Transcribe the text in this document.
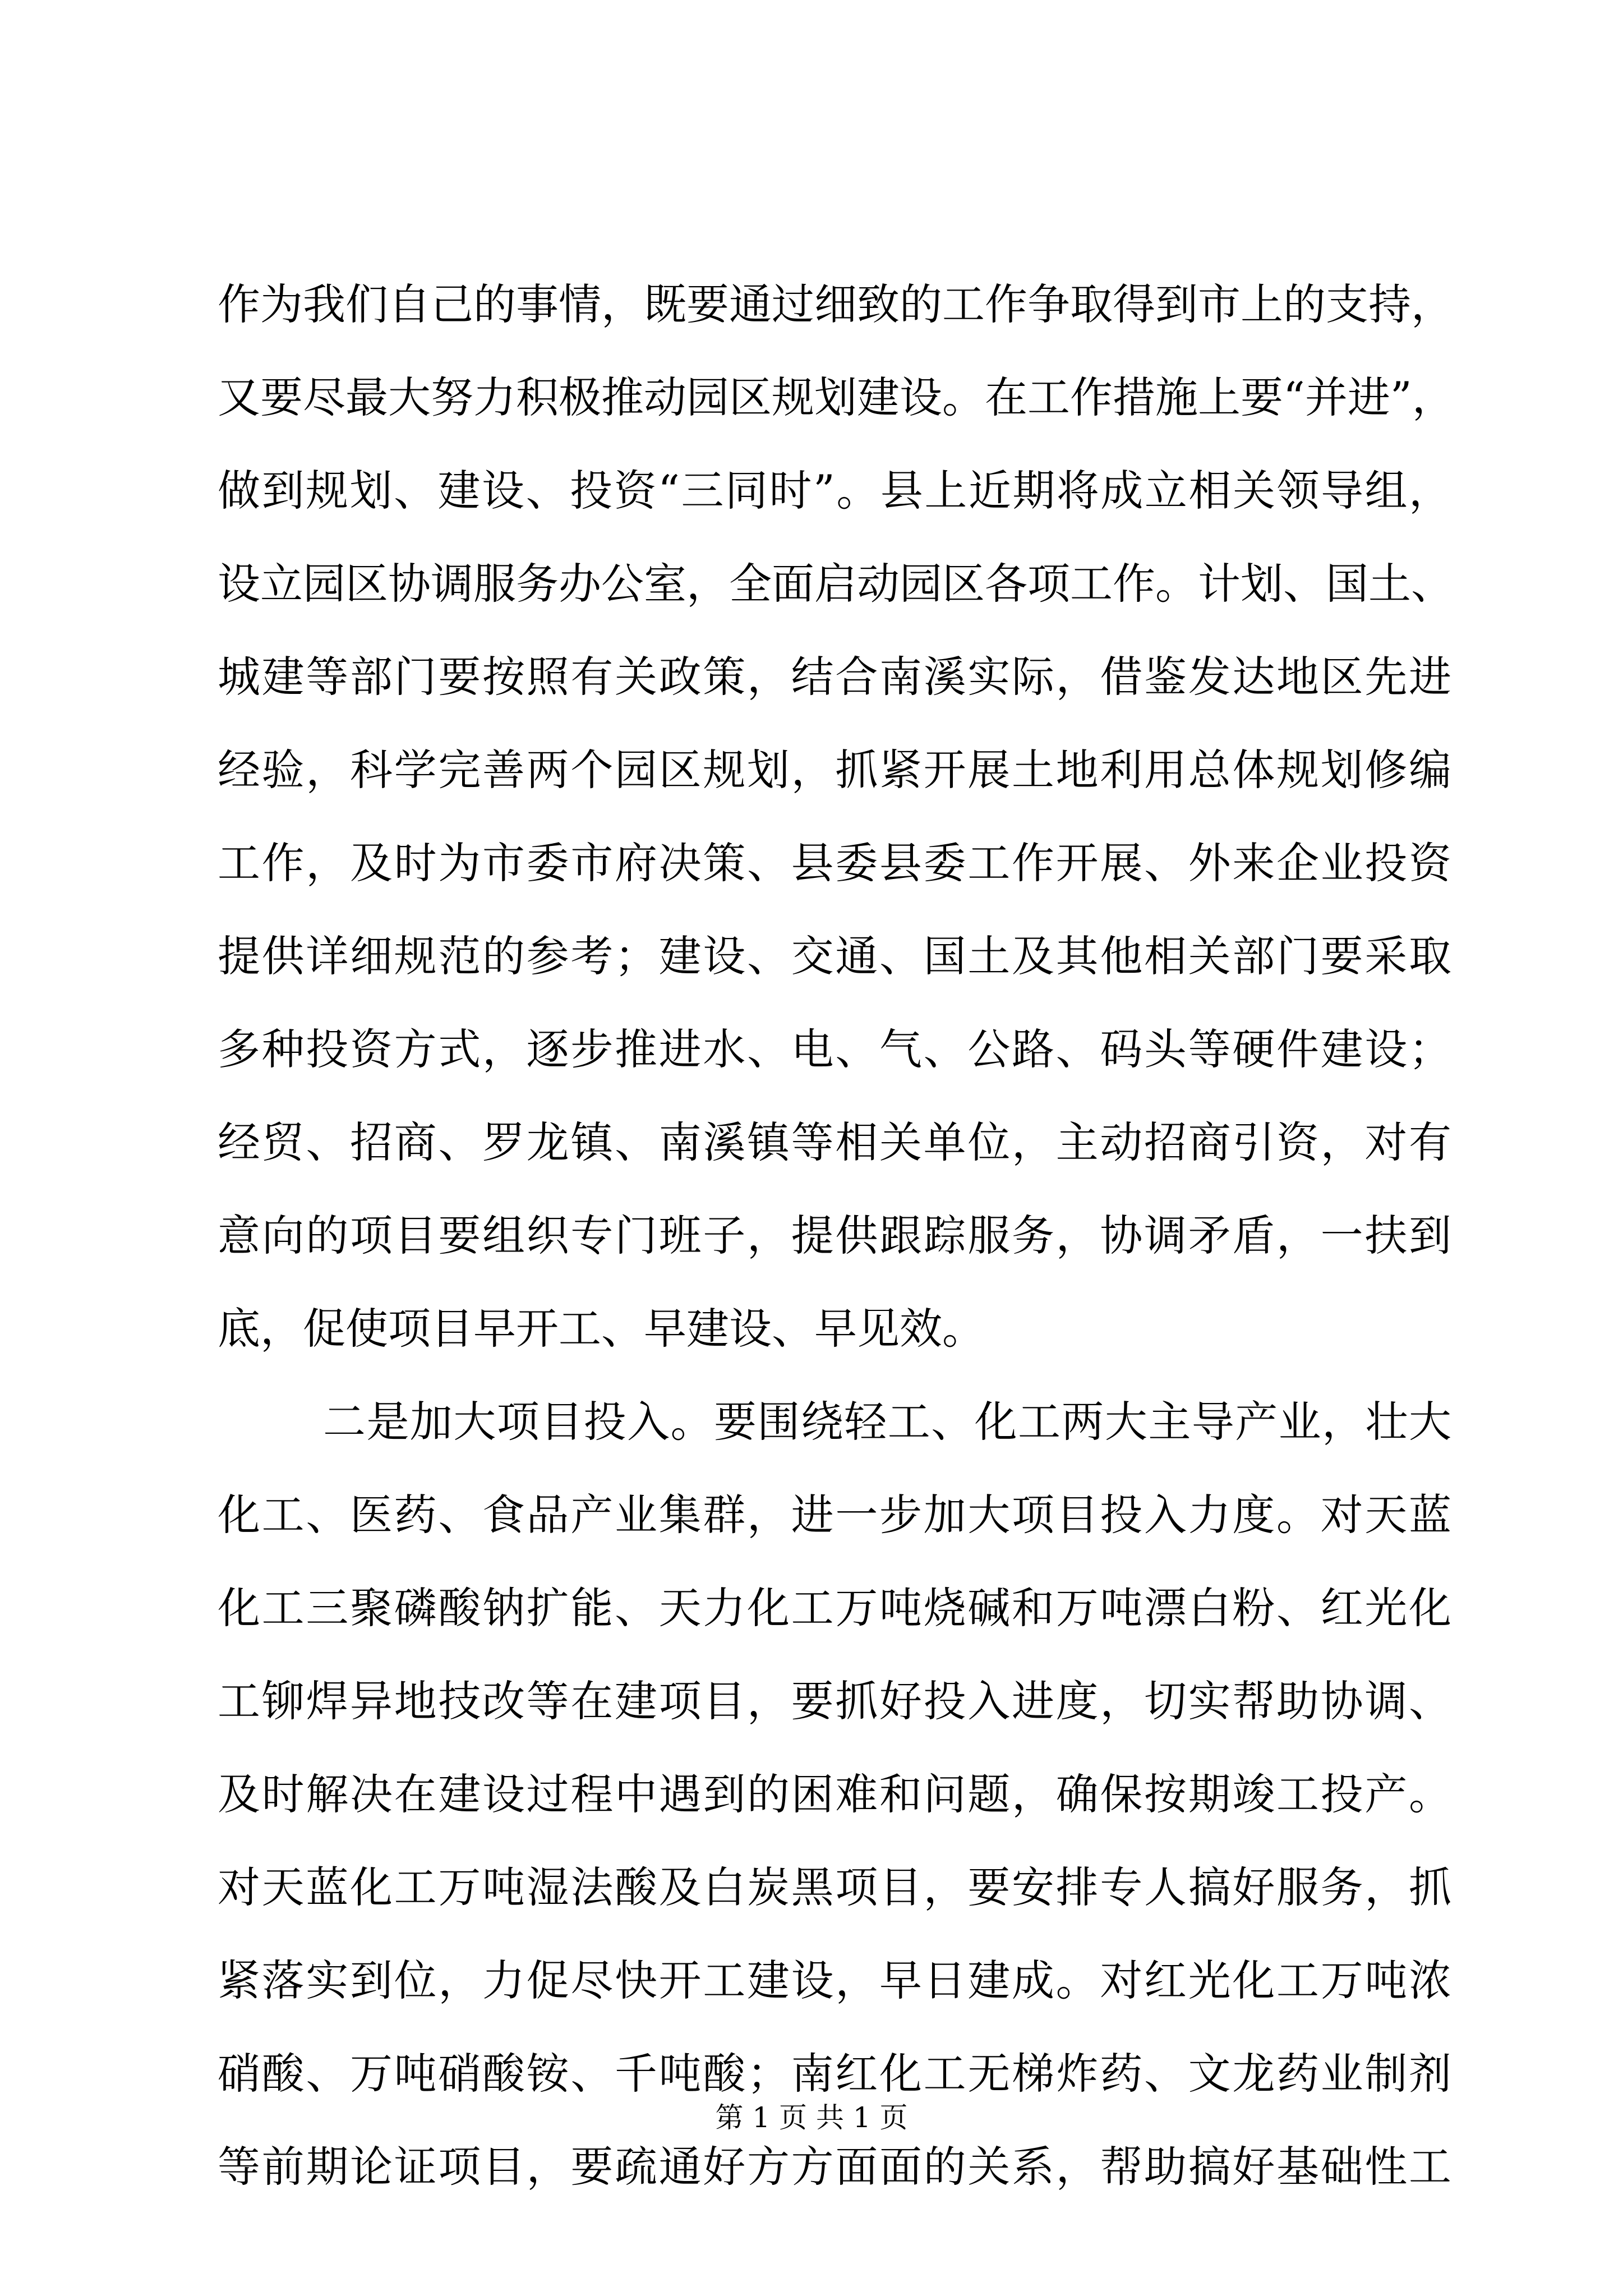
作为我们自己的事情，既要通过细致的工作争取得到市上的支持，
又要尽最大努力积极推动园区规划建设。在工作措施上要“并进”，
做到规划、建设、投资“三同时”。县上近期将成立相关领导组，
设立园区协调服务办公室，全面启动园区各项工作。计划、国土、
城建等部门要按照有关政策，结合南溪实际，借鉴发达地区先进
经验，科学完善两个园区规划，抓紧开展土地利用总体规划修编
工作，及时为市委市府决策、县委县委工作开展、外来企业投资
提供详细规范的参考；建设、交通、国土及其他相关部门要采取
多种投资方式，逐步推进水、电、气、公路、码头等硬件建设；
经贸、招商、罗龙镇、南溪镇等相关单位，主动招商引资，对有
意向的项目要组织专门班子，提供跟踪服务，协调矛盾，一扶到
底，促使项目早开工、早建设、早见效。
二是加大项目投入。要围绕轻工、化工两大主导产业，壮大
化工、医药、食品产业集群，进一步加大项目投入力度。对天蓝
化工三聚磷酸钠扩能、天力化工万吨烧碱和万吨漂白粉、红光化
工铆焊异地技改等在建项目，要抓好投入进度，切实帮助协调、
及时解决在建设过程中遇到的困难和问题，确保按期竣工投产。
对天蓝化工万吨湿法酸及白炭黑项目，要安排专人搞好服务，抓
紧落实到位，力促尽快开工建设，早日建成。对红光化工万吨浓
硝酸、万吨硝酸铵、千吨酸；南红化工无梯炸药、文龙药业制剂
等前期论证项目，要疏通好方方面面的关系，帮助搞好基础性工
第 1 页 共 1 页
